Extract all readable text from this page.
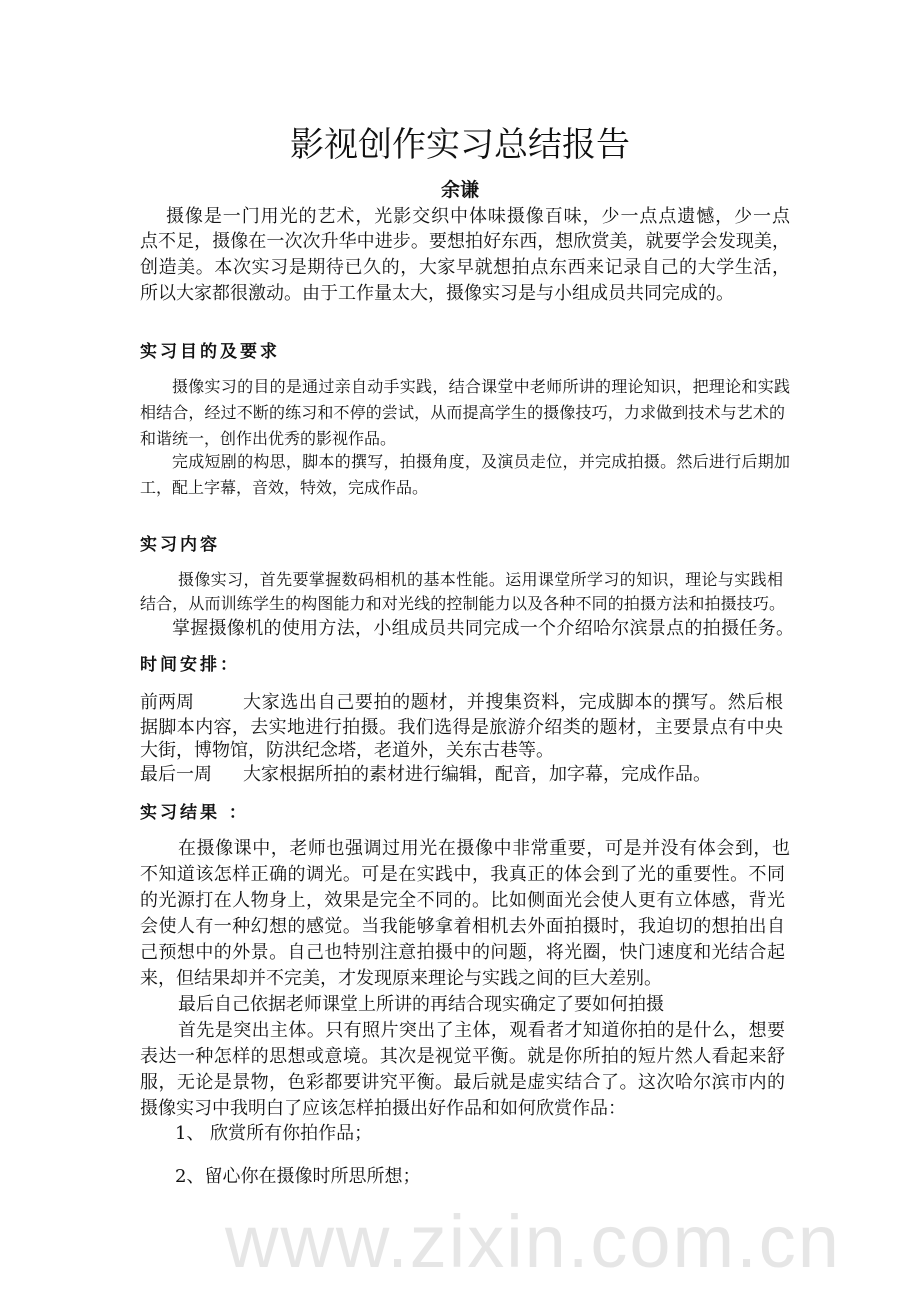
www.zixin.com.cn
影视创作实习总结报告
余谦
摄像是一门用光的艺术，光影交织中体味摄像百味，少一点点遗憾，少一点
点不足，摄像在一次次升华中进步。要想拍好东西，想欣赏美，就要学会发现美，
创造美。本次实习是期待已久的，大家早就想拍点东西来记录自己的大学生活，
所以大家都很激动。由于工作量太大，摄像实习是与小组成员共同完成的。
实习目的及要求
摄像实习的目的是通过亲自动手实践，结合课堂中老师所讲的理论知识，把理论和实践
相结合，经过不断的练习和不停的尝试，从而提高学生的摄像技巧，力求做到技术与艺术的
和谐统一，创作出优秀的影视作品。
完成短剧的构思，脚本的撰写，拍摄角度，及演员走位，并完成拍摄。然后进行后期加
工，配上字幕，音效，特效，完成作品。
实习内容
摄像实习，首先要掌握数码相机的基本性能。运用课堂所学习的知识，理论与实践相
结合，从而训练学生的构图能力和对光线的控制能力以及各种不同的拍摄方法和拍摄技巧。
掌握摄像机的使用方法，小组成员共同完成一个介绍哈尔滨景点的拍摄任务。
时间安排：
前两周	大家选出自己要拍的题材，并搜集资料，完成脚本的撰写。然后根
据脚本内容，去实地进行拍摄。我们选得是旅游介绍类的题材，主要景点有中央
大街，博物馆，防洪纪念塔，老道外，关东古巷等。
最后一周 大家根据所拍的素材进行编辑，配音，加字幕，完成作品。
实习结果 ：
在摄像课中，老师也强调过用光在摄像中非常重要，可是并没有体会到，也
不知道该怎样正确的调光。可是在实践中，我真正的体会到了光的重要性。不同
的光源打在人物身上，效果是完全不同的。比如侧面光会使人更有立体感，背光
会使人有一种幻想的感觉。当我能够拿着相机去外面拍摄时，我迫切的想拍出自
己预想中的外景。自己也特别注意拍摄中的问题，将光圈，快门速度和光结合起
来，但结果却并不完美，才发现原来理论与实践之间的巨大差别。
最后自己依据老师课堂上所讲的再结合现实确定了要如何拍摄
首先是突出主体。只有照片突出了主体，观看者才知道你拍的是什么，想要
表达一种怎样的思想或意境。其次是视觉平衡。就是你所拍的短片然人看起来舒
服，无论是景物，色彩都要讲究平衡。最后就是虚实结合了。这次哈尔滨市内的
摄像实习中我明白了应该怎样拍摄出好作品和如何欣赏作品：
1、 欣赏所有你拍作品；
2、留心你在摄像时所思所想；
